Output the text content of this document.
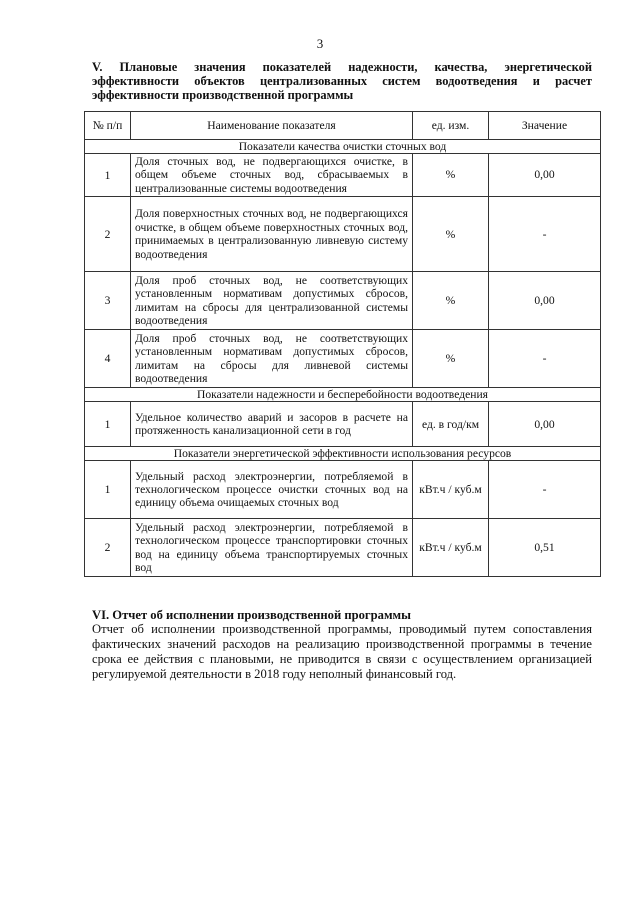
3
V. Плановые значения показателей надежности, качества, энергетической эффективности объектов централизованных систем водоотведения и расчет эффективности производственной программы
№ п/п	Наименование показателя	ед. изм.	Значение
Показатели качества очистки сточных вод			
1	Доля сточных вод, не подвергающихся очистке, в общем объеме сточных вод, сбрасываемых в централизованные системы водоотведения	%	0,00
2	Доля поверхностных сточных вод, не подвергающихся очистке, в общем объеме поверхностных сточных вод, принимаемых в централизованную ливневую систему водоотведения	%	-
3	Доля проб сточных вод, не соответствующих установленным нормативам допустимых сбросов, лимитам на сбросы для централизованной системы водоотведения	%	0,00
4	Доля проб сточных вод, не соответствующих установленным нормативам допустимых сбросов, лимитам на сбросы для ливневой системы водоотведения	%	-
Показатели надежности и бесперебойности водоотведения			
1	Удельное количество аварий и засоров в расчете на протяженность канализационной сети в год	ед. в год/км	0,00
Показатели энергетической эффективности использования ресурсов			
1	Удельный расход электроэнергии, потребляемой в технологическом процессе очистки сточных вод на единицу объема очищаемых сточных вод	кВт.ч / куб.м	-
2	Удельный расход электроэнергии, потребляемой в технологическом процессе транспортировки сточных вод на единицу объема транспортируемых сточных вод	кВт.ч / куб.м	0,51
VI. Отчет об исполнении производственной программы
Отчет об исполнении производственной программы, проводимый путем сопоставления фактических значений расходов на реализацию производственной программы в течение срока ее действия с плановыми, не приводится в связи с осуществлением организацией регулируемой деятельности в 2018 году неполный финансовый год.
